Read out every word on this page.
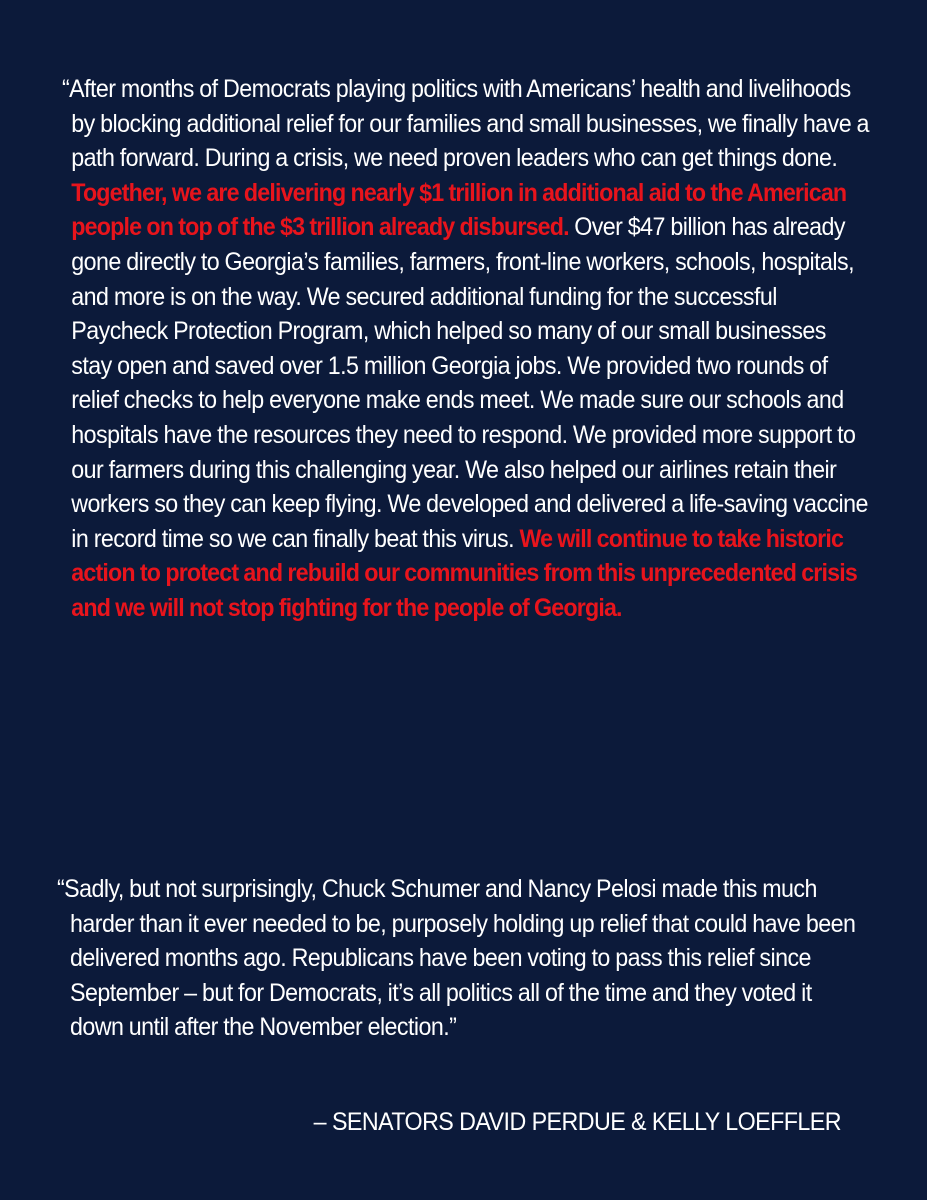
“After months of Democrats playing politics with Americans’ health and livelihoods by blocking additional relief for our families and small businesses, we finally have a path forward. During a crisis, we need proven leaders who can get things done. Together, we are delivering nearly $1 trillion in additional aid to the American people on top of the $3 trillion already disbursed. Over $47 billion has already gone directly to Georgia’s families, farmers, front-line workers, schools, hospitals, and more is on the way. We secured additional funding for the successful Paycheck Protection Program, which helped so many of our small businesses stay open and saved over 1.5 million Georgia jobs. We provided two rounds of relief checks to help everyone make ends meet. We made sure our schools and hospitals have the resources they need to respond. We provided more support to our farmers during this challenging year. We also helped our airlines retain their workers so they can keep flying. We developed and delivered a life-saving vaccine in record time so we can finally beat this virus. We will continue to take historic action to protect and rebuild our communities from this unprecedented crisis and we will not stop fighting for the people of Georgia.

“Sadly, but not surprisingly, Chuck Schumer and Nancy Pelosi made this much harder than it ever needed to be, purposely holding up relief that could have been delivered months ago. Republicans have been voting to pass this relief since September – but for Democrats, it’s all politics all of the time and they voted it down until after the November election.”

– SENATORS DAVID PERDUE & KELLY LOEFFLER
